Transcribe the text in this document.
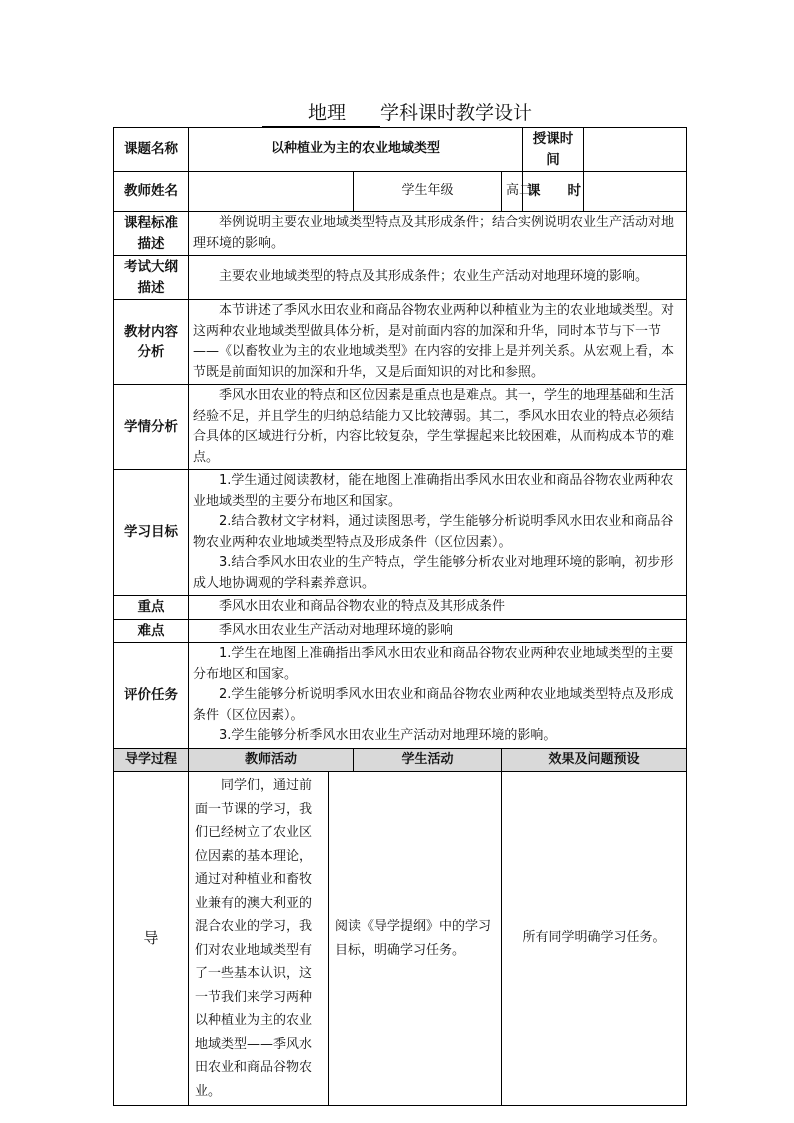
地理 学科课时教学设计
课题名称	以种植业为主的农业地域类型				授课时间	
教师姓名			学生年级	高二	课　　时	
课程标准描述	举例说明主要农业地域类型特点及其形成条件；结合实例说明农业生产活动对地理环境的影响。					
考试大纲描述	主要农业地域类型的特点及其形成条件；农业生产活动对地理环境的影响。					
教材内容分析	本节讲述了季风水田农业和商品谷物农业两种以种植业为主的农业地域类型。对这两种农业地域类型做具体分析，是对前面内容的加深和升华，同时本节与下一节——《以畜牧业为主的农业地域类型》在内容的安排上是并列关系。从宏观上看，本节既是前面知识的加深和升华，又是后面知识的对比和参照。					
学情分析	季风水田农业的特点和区位因素是重点也是难点。其一，学生的地理基础和生活经验不足，并且学生的归纳总结能力又比较薄弱。其二，季风水田农业的特点必须结合具体的区域进行分析，内容比较复杂，学生掌握起来比较困难，从而构成本节的难点。					
学习目标	1.学生通过阅读教材，能在地图上准确指出季风水田农业和商品谷物农业两种农业地域类型的主要分布地区和国家。

2.结合教材文字材料，通过读图思考，学生能够分析说明季风水田农业和商品谷物农业两种农业地域类型特点及形成条件（区位因素）。

3.结合季风水田农业的生产特点，学生能够分析农业对地理环境的影响，初步形成人地协调观的学科素养意识。					

重点	季风水田农业和商品谷物农业的特点及其形成条件					
难点	季风水田农业生产活动对地理环境的影响					
评价任务	1.学生在地图上准确指出季风水田农业和商品谷物农业两种农业地域类型的主要分布地区和国家。

2.学生能够分析说明季风水田农业和商品谷物农业两种农业地域类型特点及形成条件（区位因素）。

3.学生能够分析季风水田农业生产活动对地理环境的影响。					

导学过程	教师活动		学生活动	效果及问题预设		
导	同学们，通过前面一节课的学习，我们已经树立了农业区位因素的基本理论，通过对种植业和畜牧业兼有的澳大利亚的混合农业的学习，我们对农业地域类型有了一些基本认识，这一节我们来学习两种以种植业为主的农业地域类型——季风水田农业和商品谷物农业。	阅读《导学提纲》中的学习目标，明确学习任务。		所有同学明确学习任务。		
